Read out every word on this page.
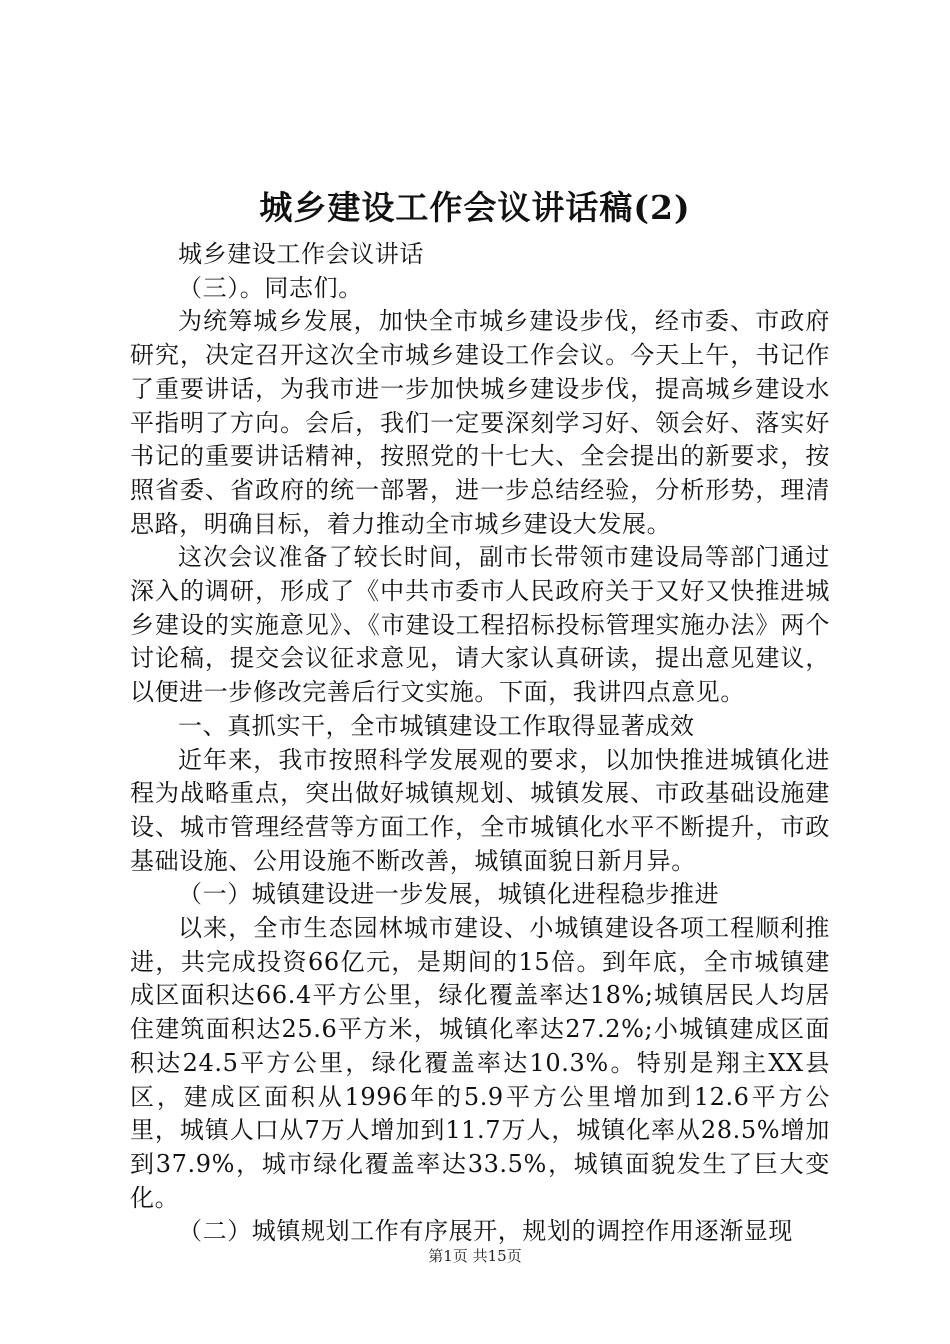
城乡建设工作会议讲话稿(2)

城乡建设工作会议讲话

（三）。同志们。

为统筹城乡发展，加快全市城乡建设步伐，经市委、市政府研究，决定召开这次全市城乡建设工作会议。今天上午，书记作了重要讲话，为我市进一步加快城乡建设步伐，提高城乡建设水平指明了方向。会后，我们一定要深刻学习好、领会好、落实好书记的重要讲话精神，按照党的十七大、全会提出的新要求，按照省委、省政府的统一部署，进一步总结经验，分析形势，理清思路，明确目标，着力推动全市城乡建设大发展。

这次会议准备了较长时间，副市长带领市建设局等部门通过深入的调研，形成了《中共市委市人民政府关于又好又快推进城乡建设的实施意见》、《市建设工程招标投标管理实施办法》两个讨论稿，提交会议征求意见，请大家认真研读，提出意见建议，以便进一步修改完善后行文实施。下面，我讲四点意见。

一、真抓实干，全市城镇建设工作取得显著成效

近年来，我市按照科学发展观的要求，以加快推进城镇化进程为战略重点，突出做好城镇规划、城镇发展、市政基础设施建设、城市管理经营等方面工作，全市城镇化水平不断提升，市政基础设施、公用设施不断改善，城镇面貌日新月异。

（一）城镇建设进一步发展，城镇化进程稳步推进

以来，全市生态园林城市建设、小城镇建设各项工程顺利推进，共完成投资66亿元，是期间的15倍。到年底，全市城镇建成区面积达66.4平方公里，绿化覆盖率达18%;城镇居民人均居住建筑面积达25.6平方米，城镇化率达27.2%;小城镇建成区面积达24.5平方公里，绿化覆盖率达10.3%。特别是翔主XX县区，建成区面积从1996年的5.9平方公里增加到12.6平方公里，城镇人口从7万人增加到11.7万人，城镇化率从28.5%增加到37.9%，城市绿化覆盖率达33.5%，城镇面貌发生了巨大变化。

（二）城镇规划工作有序展开，规划的调控作用逐渐显现

第1页 共15页
